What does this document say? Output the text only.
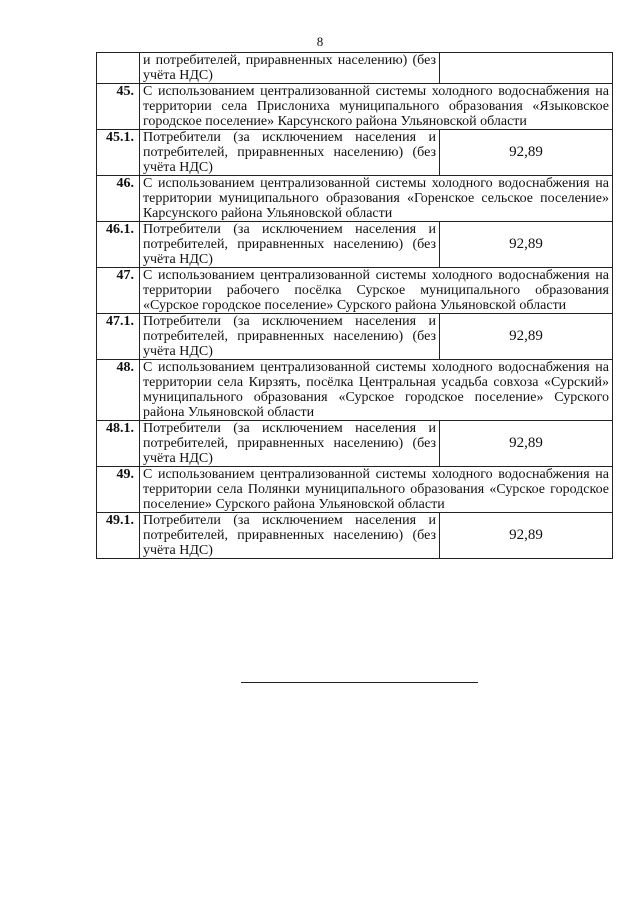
8
	и потребителей, приравненных населению) (без учёта НДС)	
45.	С использованием централизованной системы холодного водоснабжения на территории села Прислониха муниципального образования «Языковское городское поселение» Карсунского района Ульяновской области	
45.1.	Потребители (за исключением населения и потребителей, приравненных населению) (без учёта НДС)	92,89
46.	С использованием централизованной системы холодного водоснабжения на территории муниципального образования «Горенское сельское поселение» Карсунского района Ульяновской области	
46.1.	Потребители (за исключением населения и потребителей, приравненных населению) (без учёта НДС)	92,89
47.	С использованием централизованной системы холодного водоснабжения на территории рабочего посёлка Сурское муниципального образования «Сурское городское поселение» Сурского района Ульяновской области	
47.1.	Потребители (за исключением населения и потребителей, приравненных населению) (без учёта НДС)	92,89
48.	С использованием централизованной системы холодного водоснабжения на территории села Кирзять, посёлка Центральная усадьба совхоза «Сурский» муниципального образования «Сурское городское поселение» Сурского района Ульяновской области	
48.1.	Потребители (за исключением населения и потребителей, приравненных населению) (без учёта НДС)	92,89
49.	С использованием централизованной системы холодного водоснабжения на территории села Полянки муниципального образования «Сурское городское поселение» Сурского района Ульяновской области	
49.1.	Потребители (за исключением населения и потребителей, приравненных населению) (без учёта НДС)	92,89
